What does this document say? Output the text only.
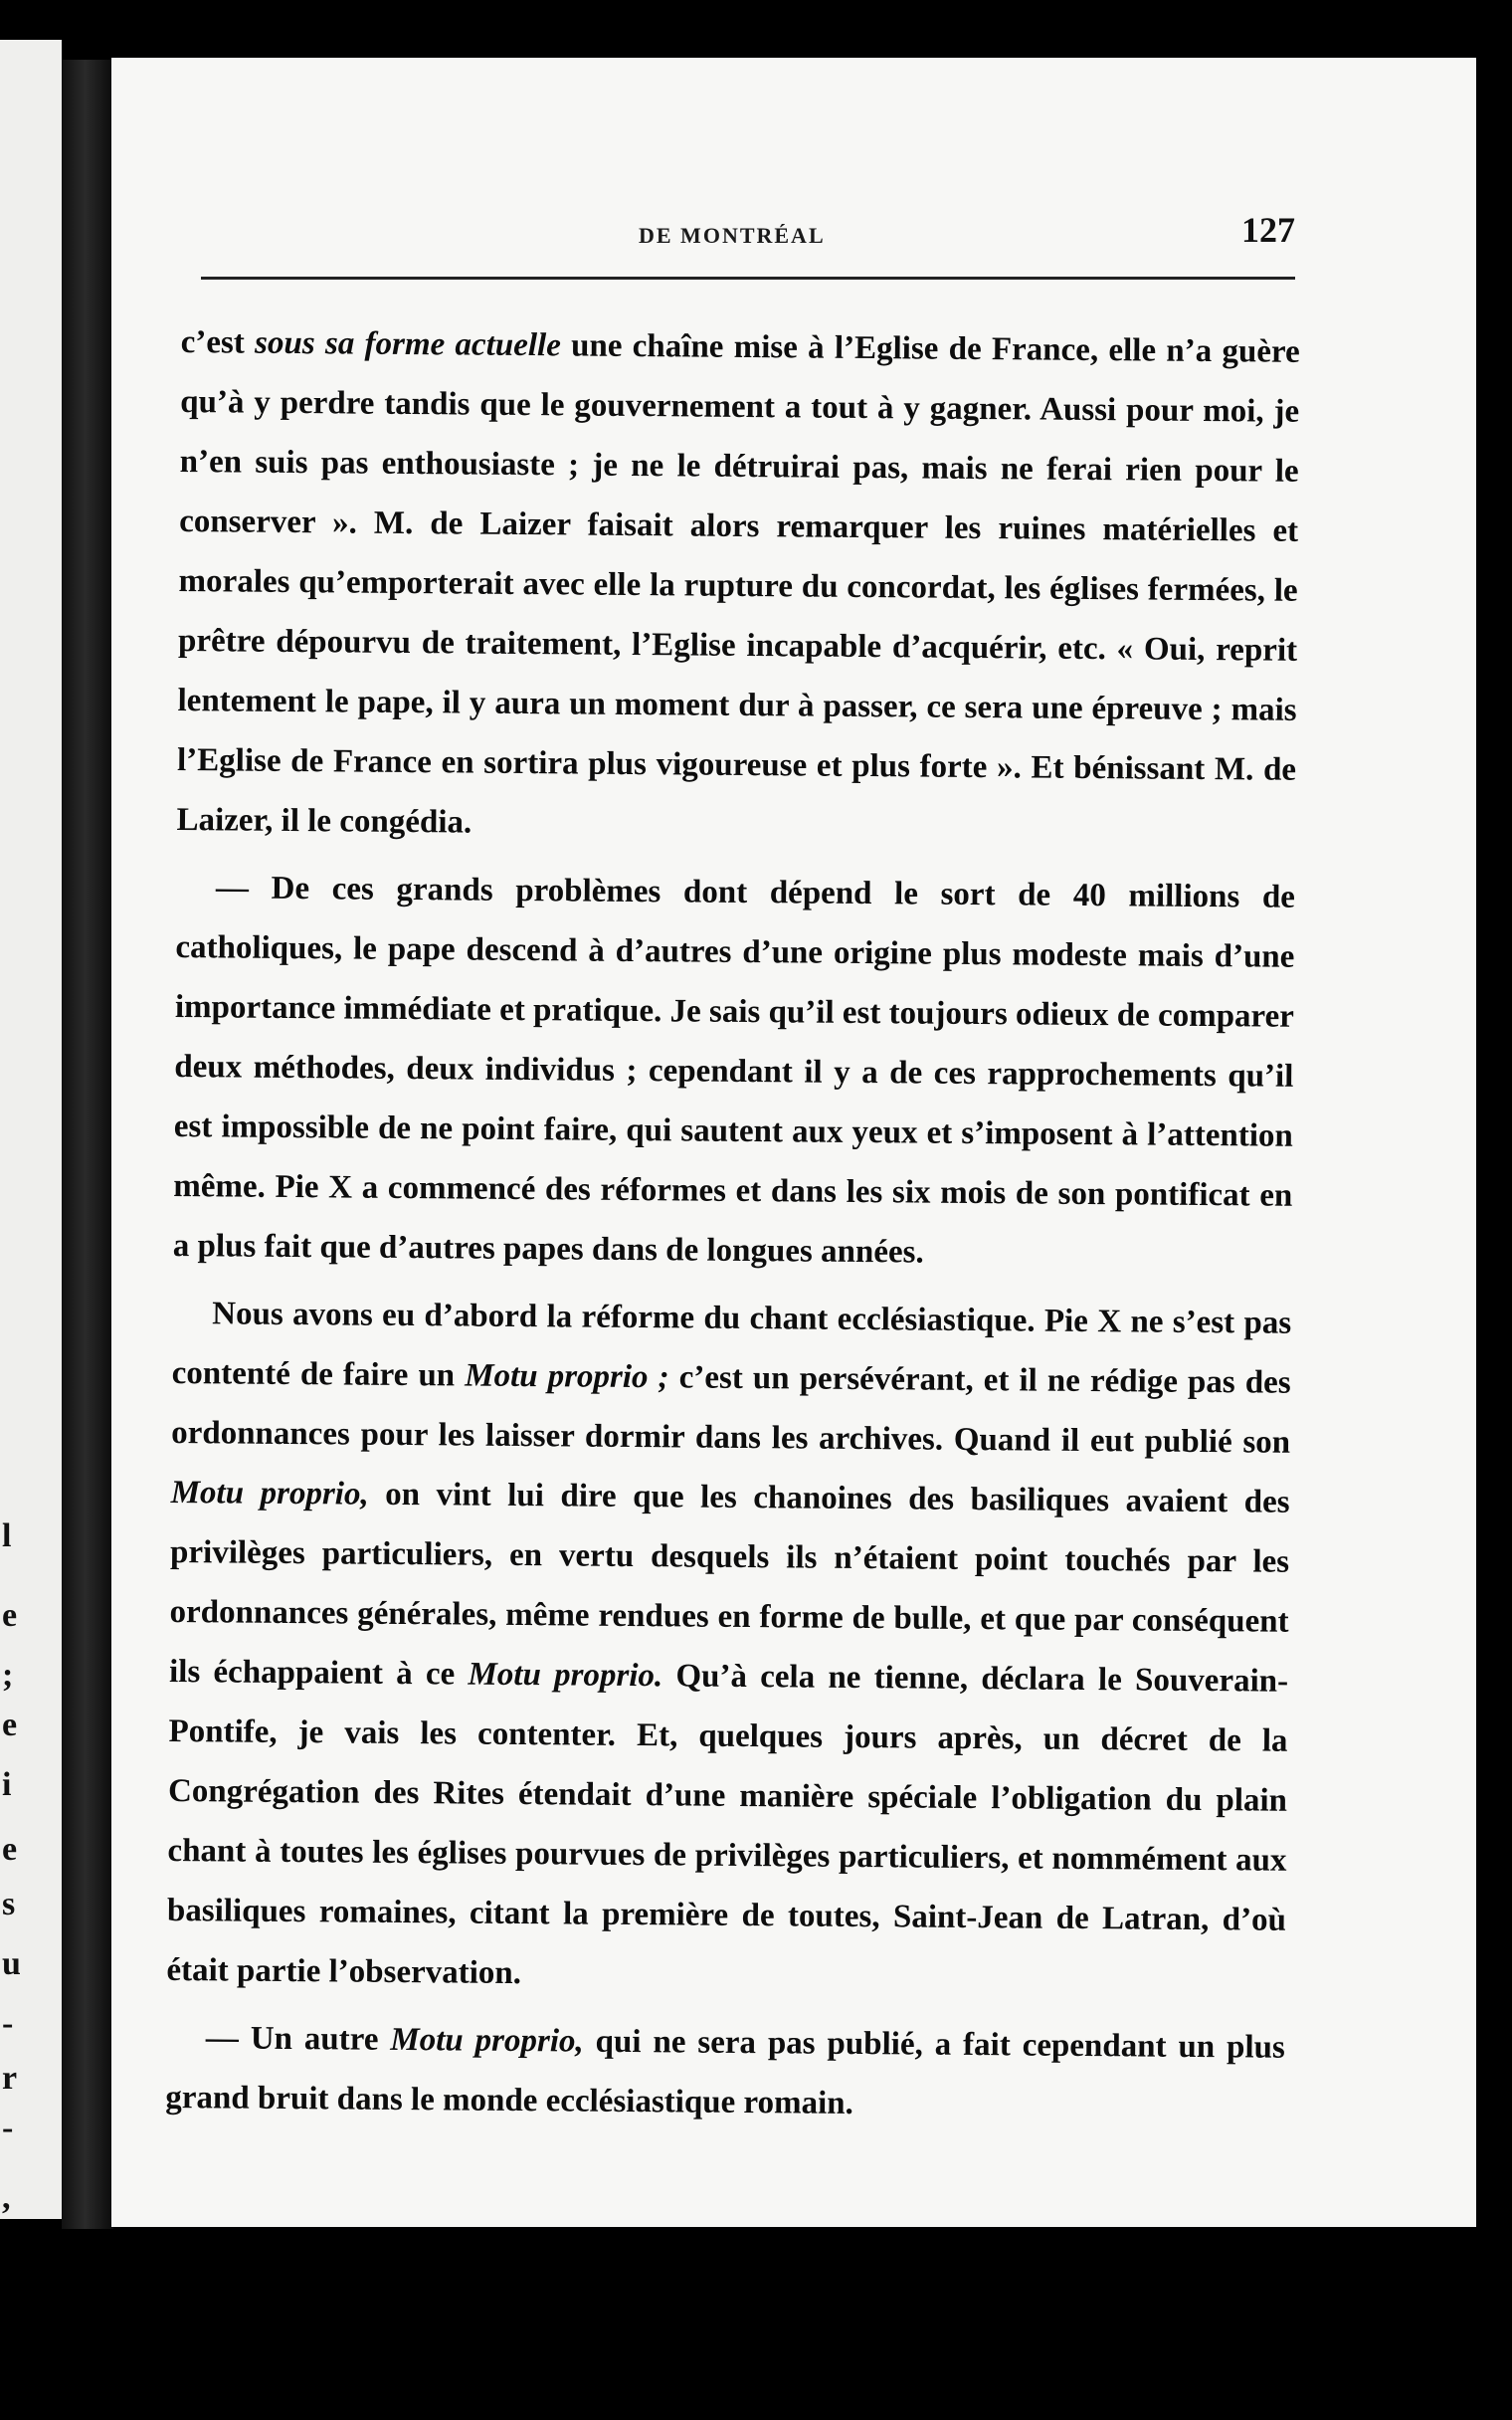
l
e
;
e
i
e
s
u
-
r
-
,
DE MONTRÉAL	127

c’est sous sa forme actuelle une chaîne mise à l’Eglise de France, elle n’a guère qu’à y perdre tandis que le gouvernement a tout à y gagner. Aussi pour moi, je n’en suis pas enthousiaste ; je ne le détruirai pas, mais ne ferai rien pour le conserver ». M. de Laizer faisait alors remarquer les ruines matérielles et morales qu’emporterait avec elle la rupture du concordat, les églises fermées, le prêtre dépourvu de traitement, l’Eglise incapable d’acquérir, etc. « Oui, reprit lentement le pape, il y aura un moment dur à passer, ce sera une épreuve ; mais l’Eglise de France en sortira plus vigoureuse et plus forte ». Et bénissant M. de Laizer, il le congédia.

— De ces grands problèmes dont dépend le sort de 40 millions de catholiques, le pape descend à d’autres d’une origine plus modeste mais d’une importance immédiate et pratique. Je sais qu’il est toujours odieux de comparer deux méthodes, deux individus ; cependant il y a de ces rapprochements qu’il est impossible de ne point faire, qui sautent aux yeux et s’imposent à l’attention même. Pie X a commencé des réformes et dans les six mois de son pontificat en a plus fait que d’autres papes dans de longues années.

Nous avons eu d’abord la réforme du chant ecclésiastique. Pie X ne s’est pas contenté de faire un Motu proprio ; c’est un persévérant, et il ne rédige pas des ordonnances pour les laisser dormir dans les archives. Quand il eut publié son Motu proprio, on vint lui dire que les chanoines des basiliques avaient des privilèges particuliers, en vertu desquels ils n’étaient point touchés par les ordonnances générales, même rendues en forme de bulle, et que par conséquent ils échappaient à ce Motu proprio. Qu’à cela ne tienne, déclara le Souverain-Pontife, je vais les contenter. Et, quelques jours après, un décret de la Congrégation des Rites étendait d’une manière spéciale l’obligation du plain chant à toutes les églises pourvues de privilèges particuliers, et nommément aux basiliques romaines, citant la première de toutes, Saint-Jean de Latran, d’où était partie l’observation.

— Un autre Motu proprio, qui ne sera pas publié, a fait cependant un plus grand bruit dans le monde ecclésiastique romain.
